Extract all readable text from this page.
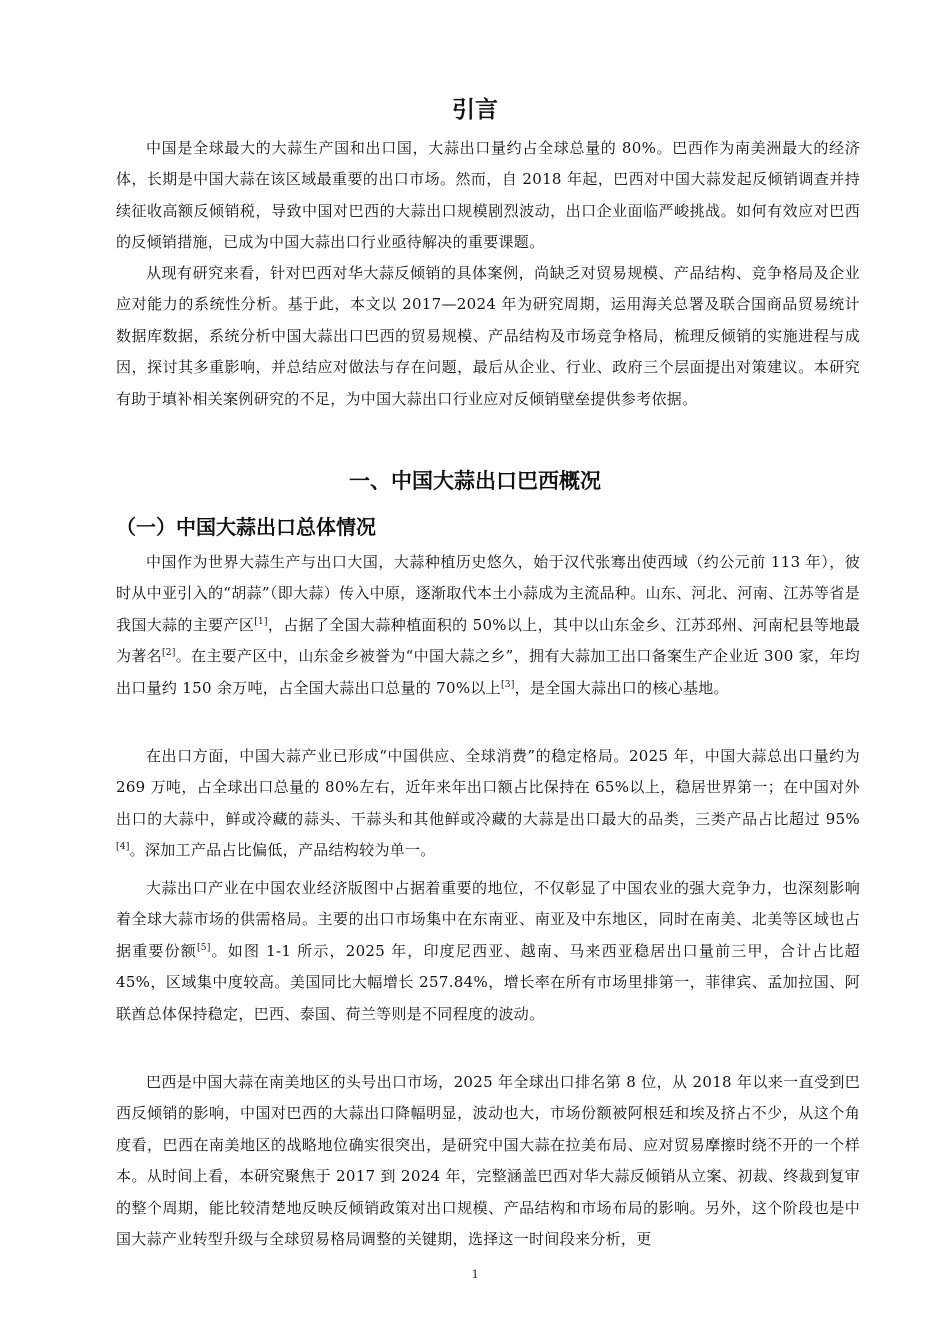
引言

中国是全球最大的大蒜生产国和出口国，大蒜出口量约占全球总量的 80%。巴西作为南美洲最大的经济体，长期是中国大蒜在该区域最重要的出口市场。然而，自 2018 年起，巴西对中国大蒜发起反倾销调查并持续征收高额反倾销税，导致中国对巴西的大蒜出口规模剧烈波动，出口企业面临严峻挑战。如何有效应对巴西的反倾销措施，已成为中国大蒜出口行业亟待解决的重要课题。

从现有研究来看，针对巴西对华大蒜反倾销的具体案例，尚缺乏对贸易规模、产品结构、竞争格局及企业应对能力的系统性分析。基于此，本文以 2017—2024 年为研究周期，运用海关总署及联合国商品贸易统计数据库数据，系统分析中国大蒜出口巴西的贸易规模、产品结构及市场竞争格局，梳理反倾销的实施进程与成因，探讨其多重影响，并总结应对做法与存在问题，最后从企业、行业、政府三个层面提出对策建议。本研究有助于填补相关案例研究的不足，为中国大蒜出口行业应对反倾销壁垒提供参考依据。

一、中国大蒜出口巴西概况
（一）中国大蒜出口总体情况

中国作为世界大蒜生产与出口大国，大蒜种植历史悠久，始于汉代张骞出使西域（约公元前 113 年），彼时从中亚引入的“胡蒜”（即大蒜）传入中原，逐渐取代本土小蒜成为主流品种。山东、河北、河南、江苏等省是我国大蒜的主要产区[1]，占据了全国大蒜种植面积的 50%以上，其中以山东金乡、江苏邳州、河南杞县等地最为著名[2]。在主要产区中，山东金乡被誉为“中国大蒜之乡”，拥有大蒜加工出口备案生产企业近 300 家，年均出口量约 150 余万吨，占全国大蒜出口总量的 70%以上[3]，是全国大蒜出口的核心基地。

在出口方面，中国大蒜产业已形成“中国供应、全球消费”的稳定格局。2025 年，中国大蒜总出口量约为 269 万吨，占全球出口总量的 80%左右，近年来年出口额占比保持在 65%以上，稳居世界第一；在中国对外出口的大蒜中，鲜或冷藏的蒜头、干蒜头和其他鲜或冷藏的大蒜是出口最大的品类，三类产品占比超过 95%[4]。深加工产品占比偏低，产品结构较为单一。

大蒜出口产业在中国农业经济版图中占据着重要的地位，不仅彰显了中国农业的强大竞争力，也深刻影响着全球大蒜市场的供需格局。主要的出口市场集中在东南亚、南亚及中东地区，同时在南美、北美等区域也占据重要份额[5]。如图 1-1 所示，2025 年，印度尼西亚、越南、马来西亚稳居出口量前三甲，合计占比超 45%，区域集中度较高。美国同比大幅增长 257.84%，增长率在所有市场里排第一，菲律宾、孟加拉国、阿联酋总体保持稳定，巴西、泰国、荷兰等则是不同程度的波动。

巴西是中国大蒜在南美地区的头号出口市场，2025 年全球出口排名第 8 位，从 2018 年以来一直受到巴西反倾销的影响，中国对巴西的大蒜出口降幅明显，波动也大，市场份额被阿根廷和埃及挤占不少，从这个角度看，巴西在南美地区的战略地位确实很突出，是研究中国大蒜在拉美布局、应对贸易摩擦时绕不开的一个样本。从时间上看，本研究聚焦于 2017 到 2024 年，完整涵盖巴西对华大蒜反倾销从立案、初裁、终裁到复审的整个周期，能比较清楚地反映反倾销政策对出口规模、产品结构和市场布局的影响。另外，这个阶段也是中国大蒜产业转型升级与全球贸易格局调整的关键期，选择这一时间段来分析，更

1
